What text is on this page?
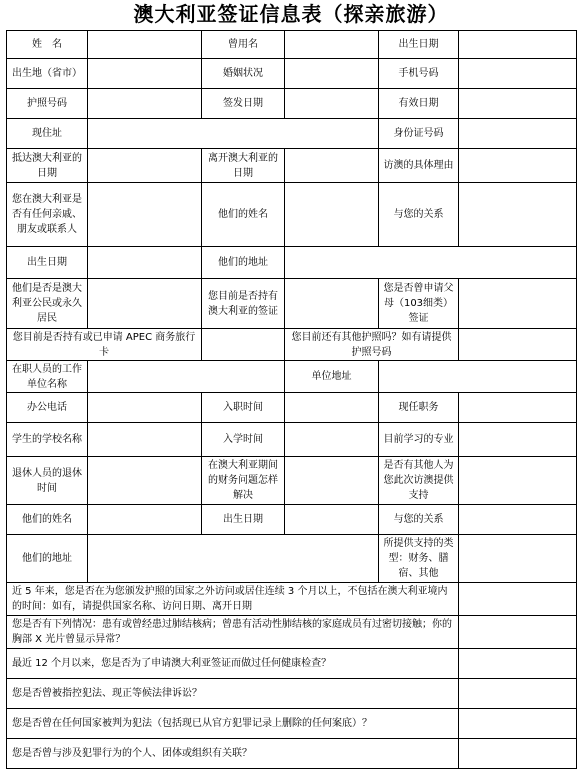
澳大利亚签证信息表（探亲旅游）
姓　名		曾用名		出生日期	
出生地（省市）		婚姻状况		手机号码	
护照号码		签发日期		有效日期	
现住址				身份证号码	
抵达澳大利亚的日期		离开澳大利亚的日期		访澳的具体理由	
您在澳大利亚是否有任何亲戚、朋友或联系人		他们的姓名		与您的关系	
出生日期		他们的地址			
他们是否是澳大利亚公民或永久居民		您目前是否持有澳大利亚的签证		您是否曾申请父母（103细类）签证	
您目前是否持有或已申请 APEC 商务旅行卡			您目前还有其他护照吗？如有请提供护照号码		
在职人员的工作单位名称			单位地址		
办公电话		入职时间		现任职务	
学生的学校名称		入学时间		目前学习的专业	
退休人员的退休时间		在澳大利亚期间的财务问题怎样解决		是否有其他人为您此次访澳提供支持	
他们的姓名		出生日期		与您的关系	
他们的地址				所提供支持的类型：财务、膳宿、其他	
近 5 年来，您是否在为您颁发护照的国家之外访问或居住连续 3 个月以上，不包括在澳大利亚境内的时间：如有，请提供国家名称、访问日期、离开日期					
您是否有下列情况：患有或曾经患过肺结核病；曾患有活动性肺结核的家庭成员有过密切接触；你的胸部 X 光片曾显示异常？					
最近 12 个月以来，您是否为了申请澳大利亚签证而做过任何健康检查？					
您是否曾被指控犯法、现正等候法律诉讼？					
您是否曾在任何国家被判为犯法（包括现已从官方犯罪记录上删除的任何案底）？					
您是否曾与涉及犯罪行为的个人、团体或组织有关联？					
